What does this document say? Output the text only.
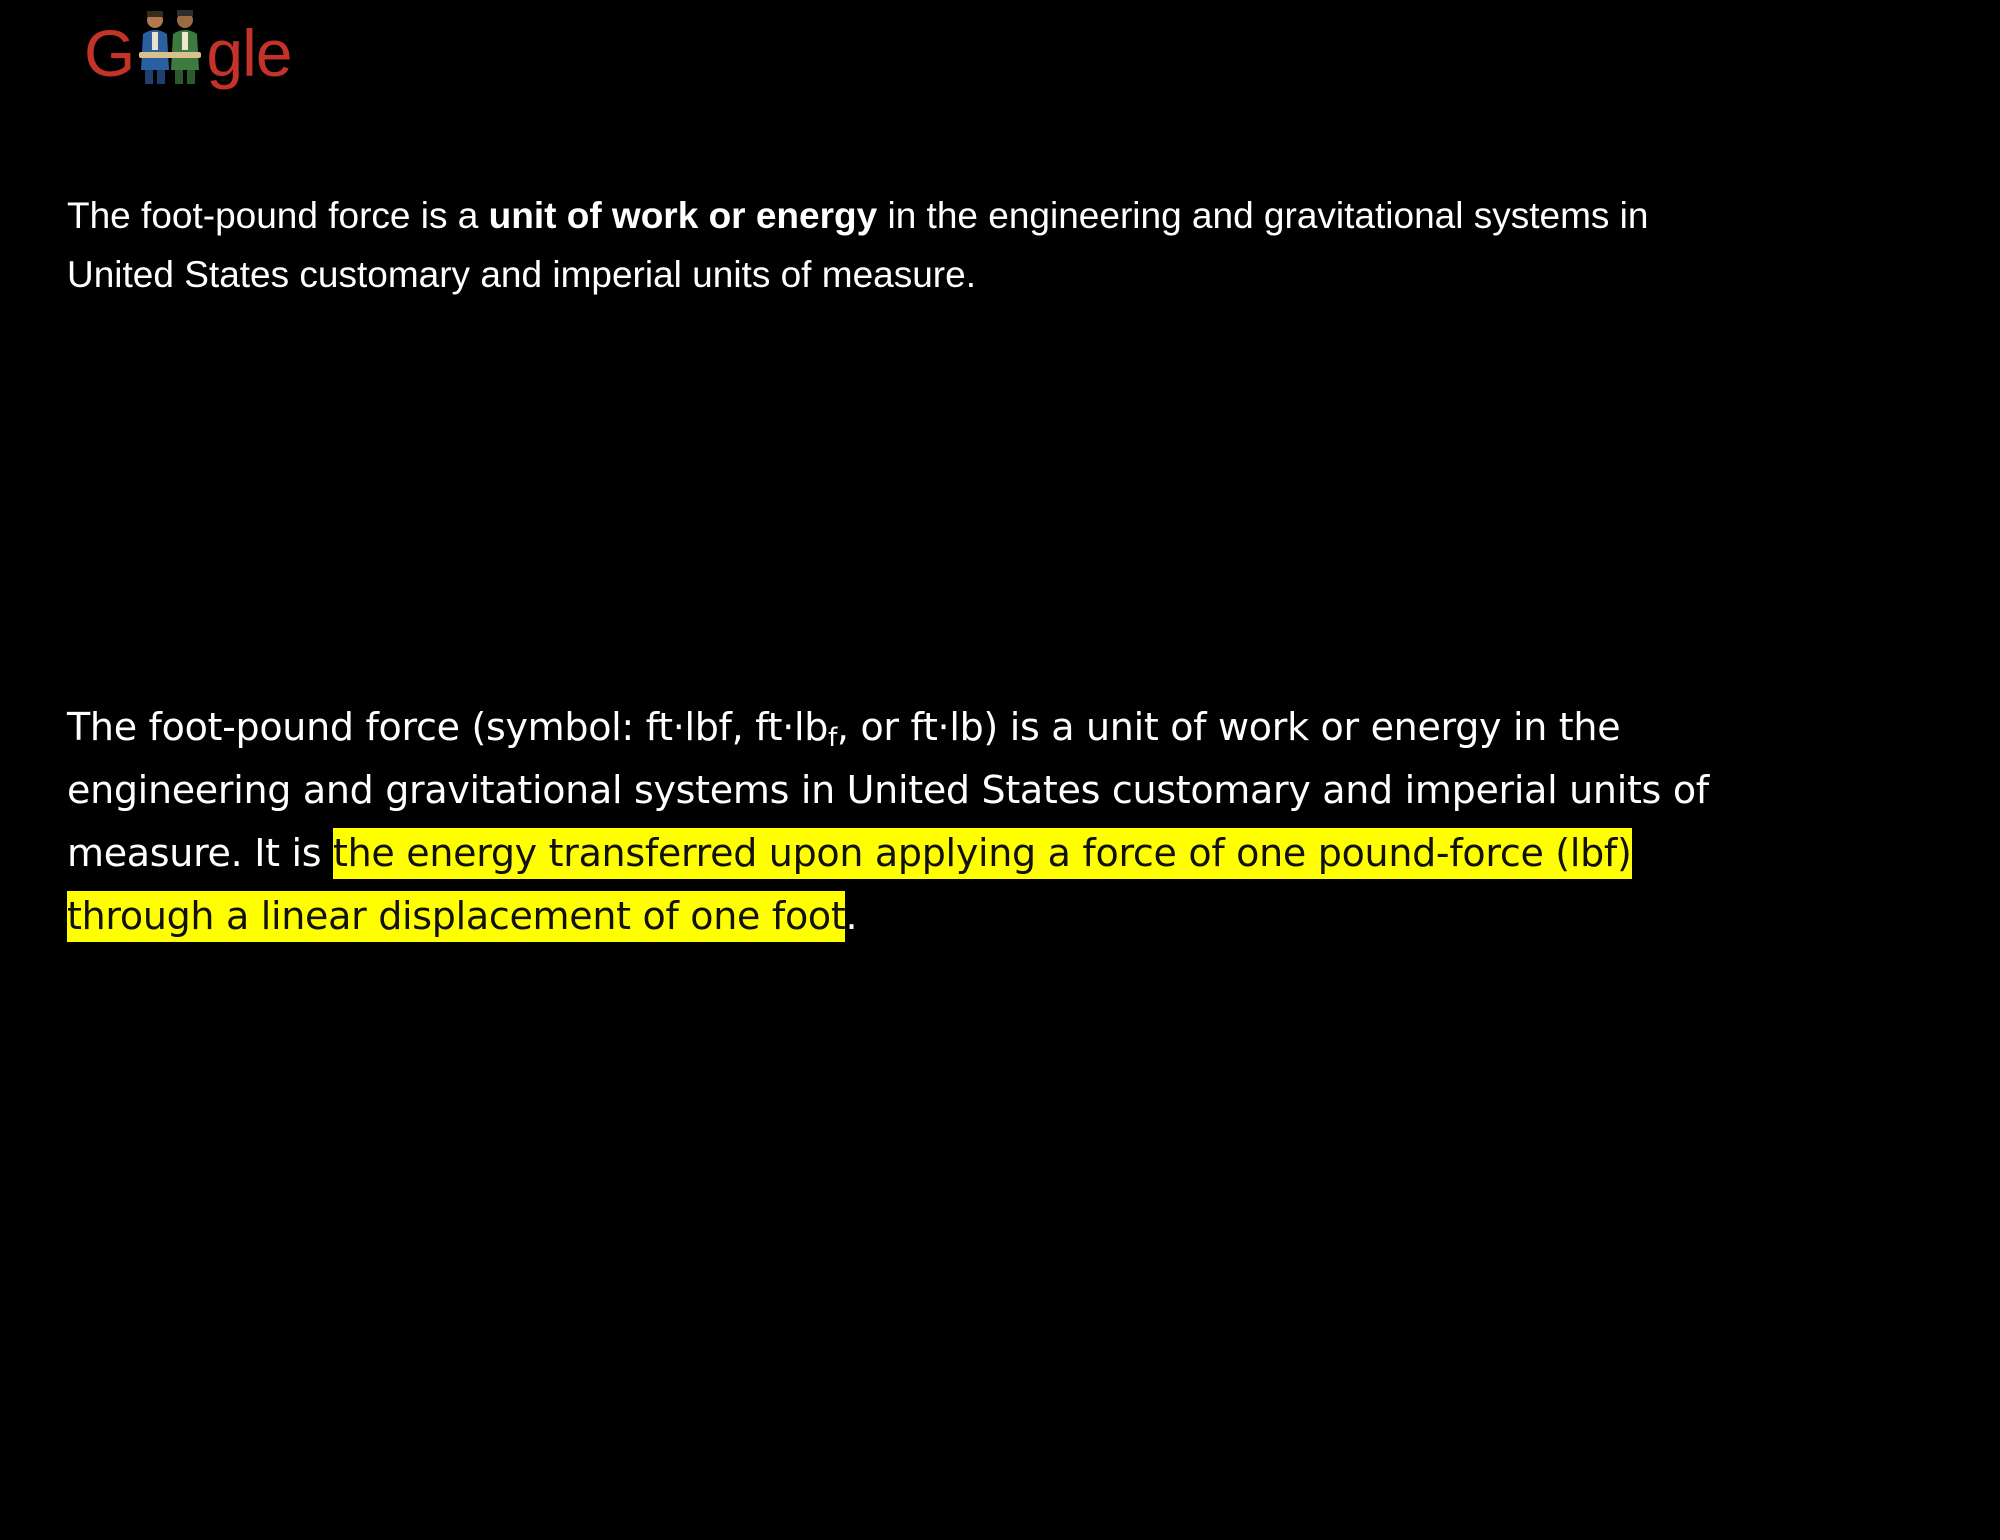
G g l e

The foot-pound force is a unit of work or energy in the engineering and gravitational systems in United States customary and imperial units of measure.

The foot-pound force (symbol: ft⋅lbf, $ft\cdot lb_f$, or ft⋅lb) is a unit of work or energy in the engineering and gravitational systems in United States customary and imperial units of measure. It is the energy transferred upon applying a force of one pound-force (lbf) through a linear displacement of one foot.
